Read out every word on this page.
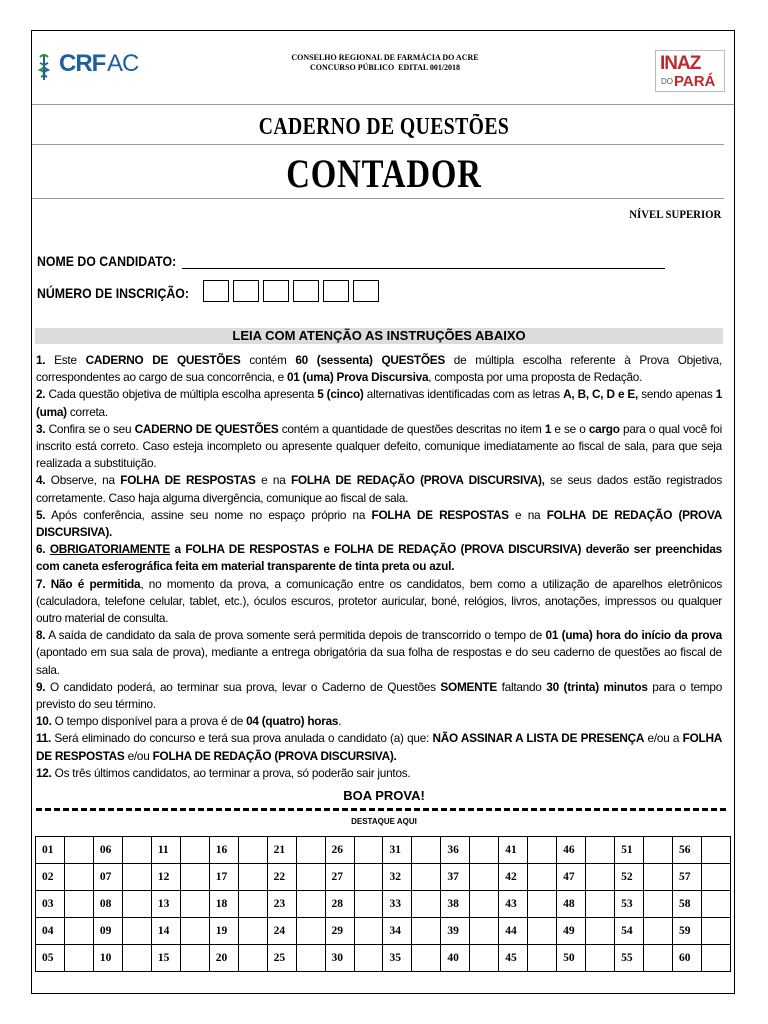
CRF AC	CONSELHO REGIONAL DE FARMÁCIA DO ACRE
CONCURSO PÚBLICO  EDITAL 001/2018	INAZ
DO PARÁ
CADERNO DE QUESTÕES
CONTADOR
NÍVEL SUPERIOR
NOME DO CANDIDATO:
NÚMERO DE INSCRIÇÃO:
LEIA COM ATENÇÃO AS INSTRUÇÕES ABAIXO

1. Este CADERNO DE QUESTÕES contém 60 (sessenta) QUESTÕES de múltipla escolha referente à Prova Objetiva, correspondentes ao cargo de sua concorrência, e 01 (uma) Prova Discursiva, composta por uma proposta de Redação.

2. Cada questão objetiva de múltipla escolha apresenta 5 (cinco) alternativas identificadas com as letras A, B, C, D e E, sendo apenas 1 (uma) correta.

3. Confira se o seu CADERNO DE QUESTÕES contém a quantidade de questões descritas no item 1 e se o cargo para o qual você foi inscrito está correto. Caso esteja incompleto ou apresente qualquer defeito, comunique imediatamente ao fiscal de sala, para que seja realizada a substituição.

4. Observe, na FOLHA DE RESPOSTAS e na FOLHA DE REDAÇÃO (PROVA DISCURSIVA), se seus dados estão registrados corretamente. Caso haja alguma divergência, comunique ao fiscal de sala.

5. Após conferência, assine seu nome no espaço próprio na FOLHA DE RESPOSTAS e na FOLHA DE REDAÇÃO (PROVA DISCURSIVA).

6. OBRIGATORIAMENTE a FOLHA DE RESPOSTAS e FOLHA DE REDAÇÃO (PROVA DISCURSIVA) deverão ser preenchidas com caneta esferográfica feita em material transparente de tinta preta ou azul.

7. Não é permitida, no momento da prova, a comunicação entre os candidatos, bem como a utilização de aparelhos eletrônicos (calculadora, telefone celular, tablet, etc.), óculos escuros, protetor auricular, boné, relógios, livros, anotações, impressos ou qualquer outro material de consulta.

8. A saída de candidato da sala de prova somente será permitida depois de transcorrido o tempo de 01 (uma) hora do início da prova (apontado em sua sala de prova), mediante a entrega obrigatória da sua folha de respostas e do seu caderno de questões ao fiscal de sala.

9. O candidato poderá, ao terminar sua prova, levar o Caderno de Questões SOMENTE faltando 30 (trinta) minutos para o tempo previsto do seu término.

10. O tempo disponível para a prova é de 04 (quatro) horas.

11. Será eliminado do concurso e terá sua prova anulada o candidato (a) que: NÃO ASSINAR A LISTA DE PRESENÇA e/ou a FOLHA DE RESPOSTAS e/ou FOLHA DE REDAÇÃO (PROVA DISCURSIVA).

12. Os três últimos candidatos, ao terminar a prova, só poderão sair juntos.

BOA PROVA!
DESTAQUE AQUI
01		06		11		16		21		26		31		36		41		46		51		56	
02		07		12		17		22		27		32		37		42		47		52		57	
03		08		13		18		23		28		33		38		43		48		53		58	
04		09		14		19		24		29		34		39		44		49		54		59	
05		10		15		20		25		30		35		40		45		50		55		60	
